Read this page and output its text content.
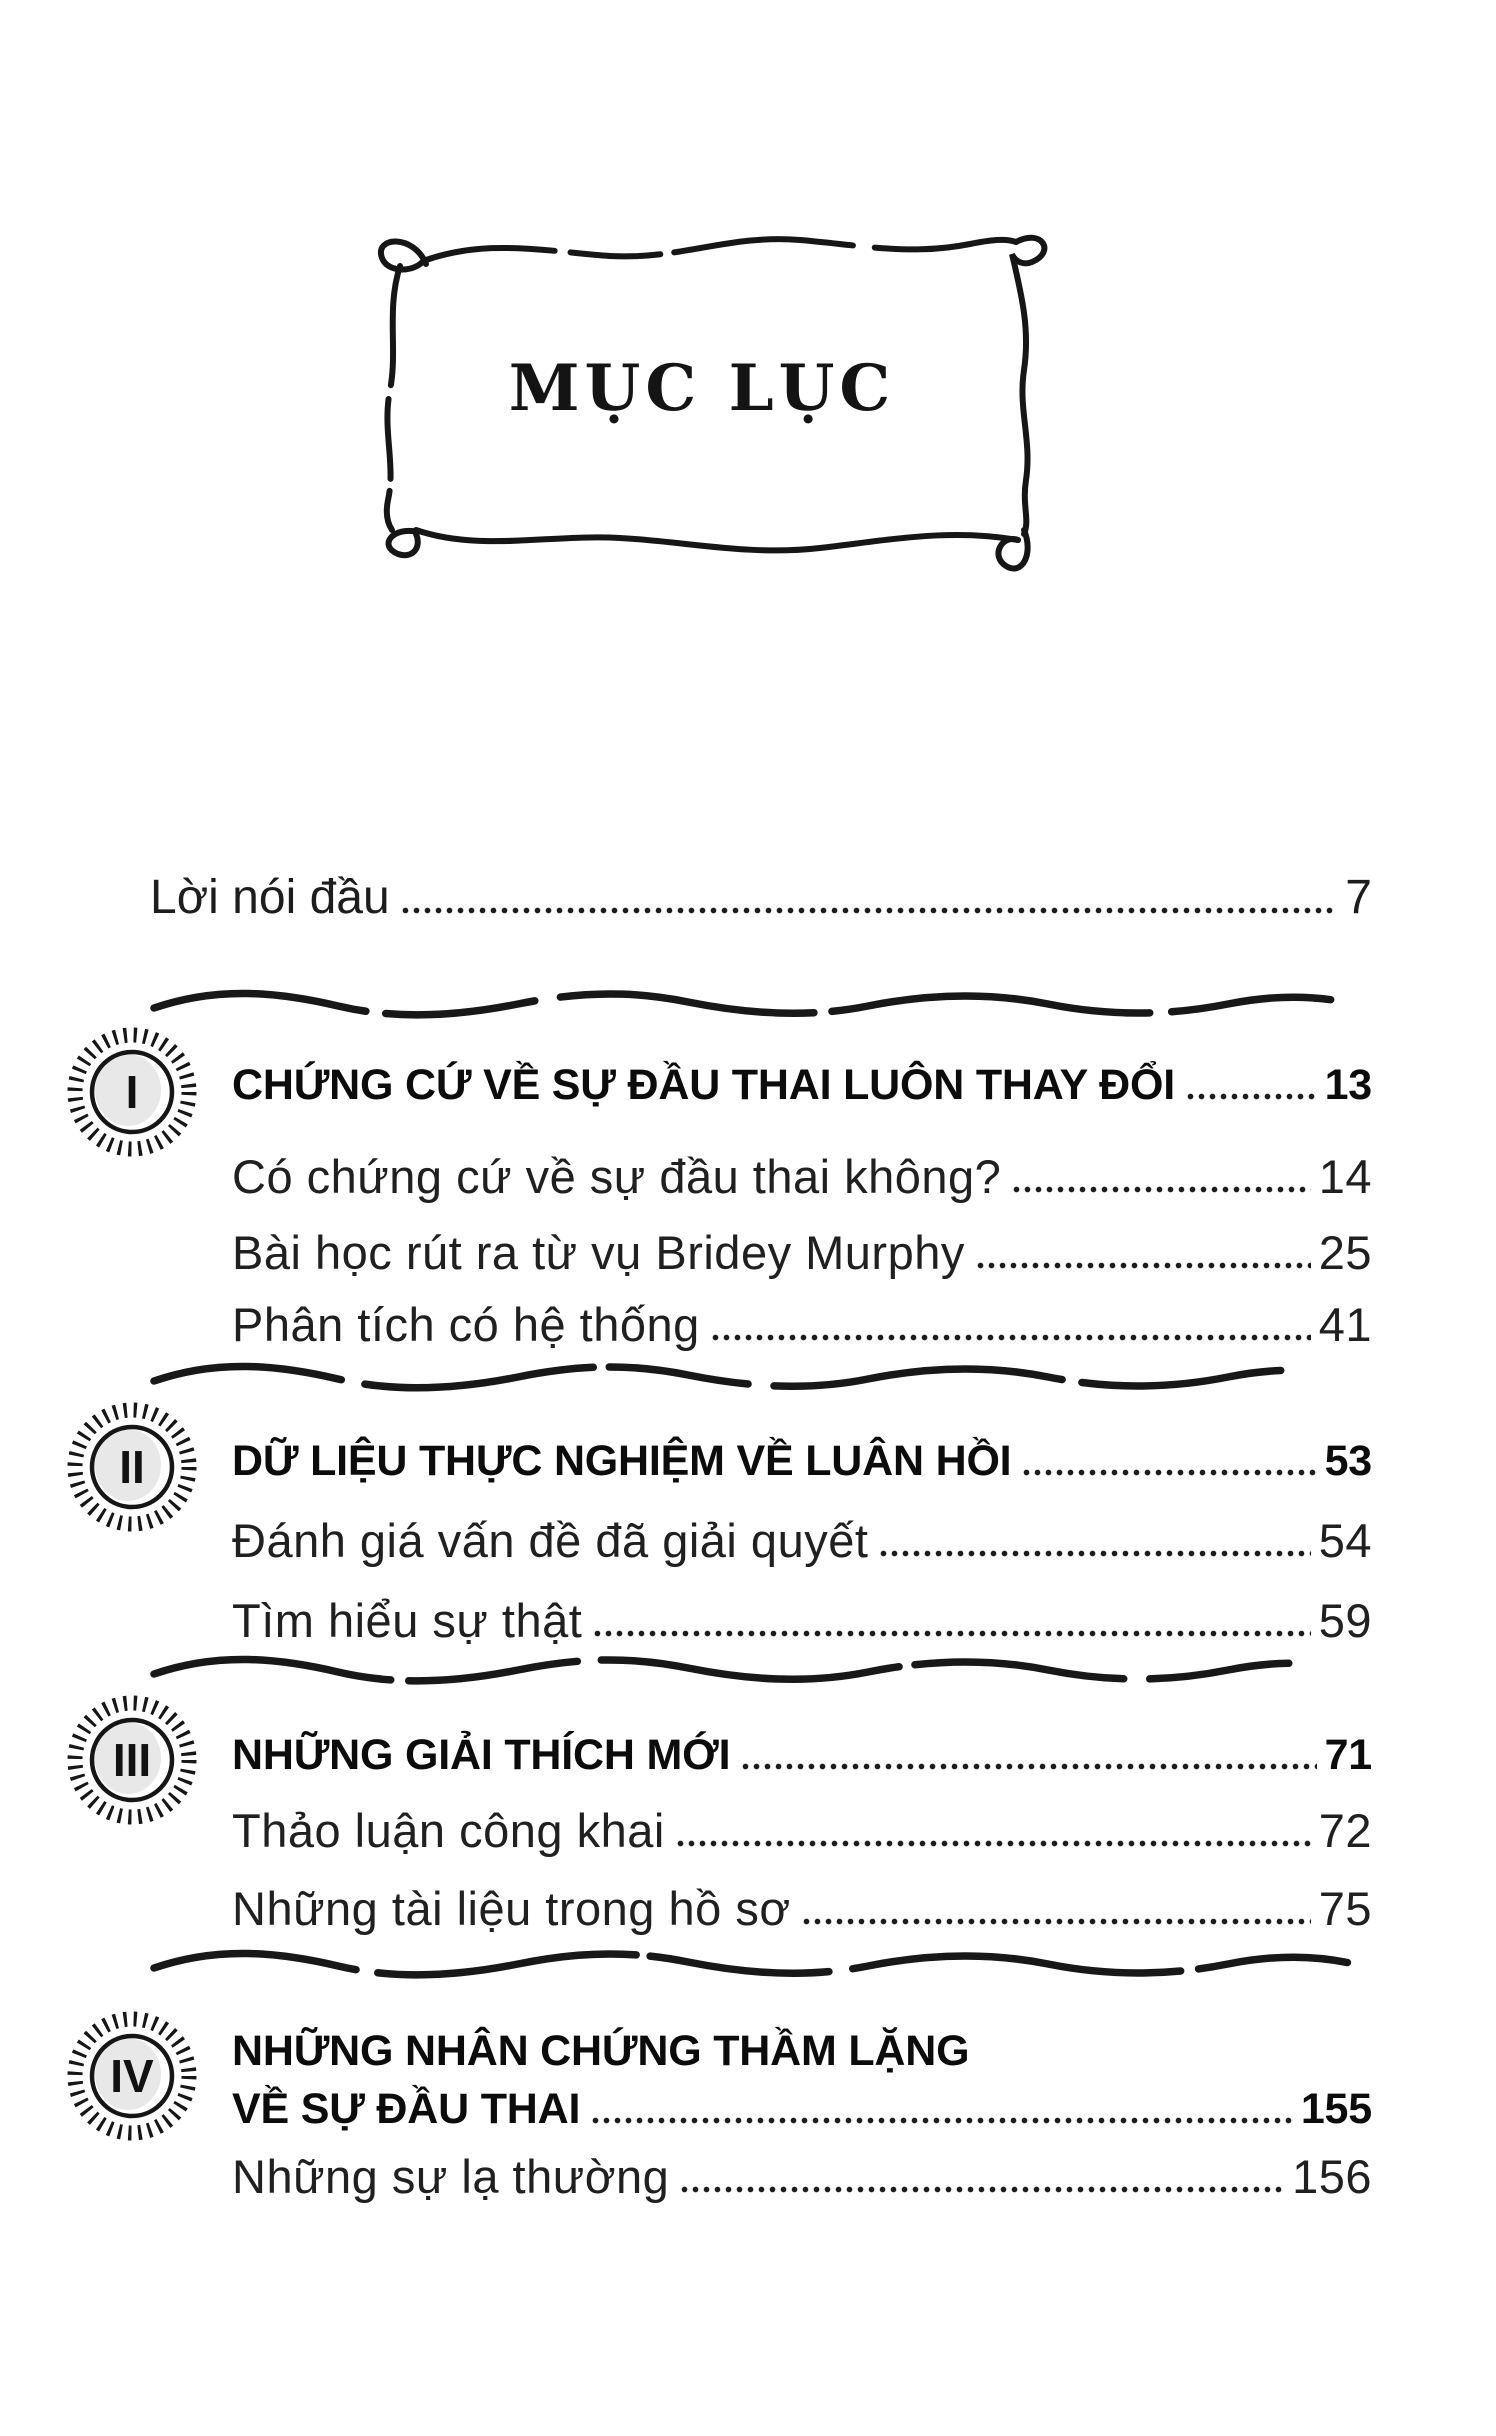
MỤC LỤC
Lời nói đầu	7
I CHỨNG CỨ VỀ SỰ ĐẦU THAI LUÔN THAY ĐỔI	13
Có chứng cứ về sự đầu thai không?	14
Bài học rút ra từ vụ Bridey Murphy	25
Phân tích có hệ thống	41
II DỮ LIỆU THỰC NGHIỆM VỀ LUÂN HỒI	53
Đánh giá vấn đề đã giải quyết	54
Tìm hiểu sự thật	59
III NHỮNG GIẢI THÍCH MỚI	71
Thảo luận công khai	72
Những tài liệu trong hồ sơ	75
IV NHỮNG NHÂN CHỨNG THẦM LẶNG
VỀ SỰ ĐẦU THAI	155
Những sự lạ thường	156
